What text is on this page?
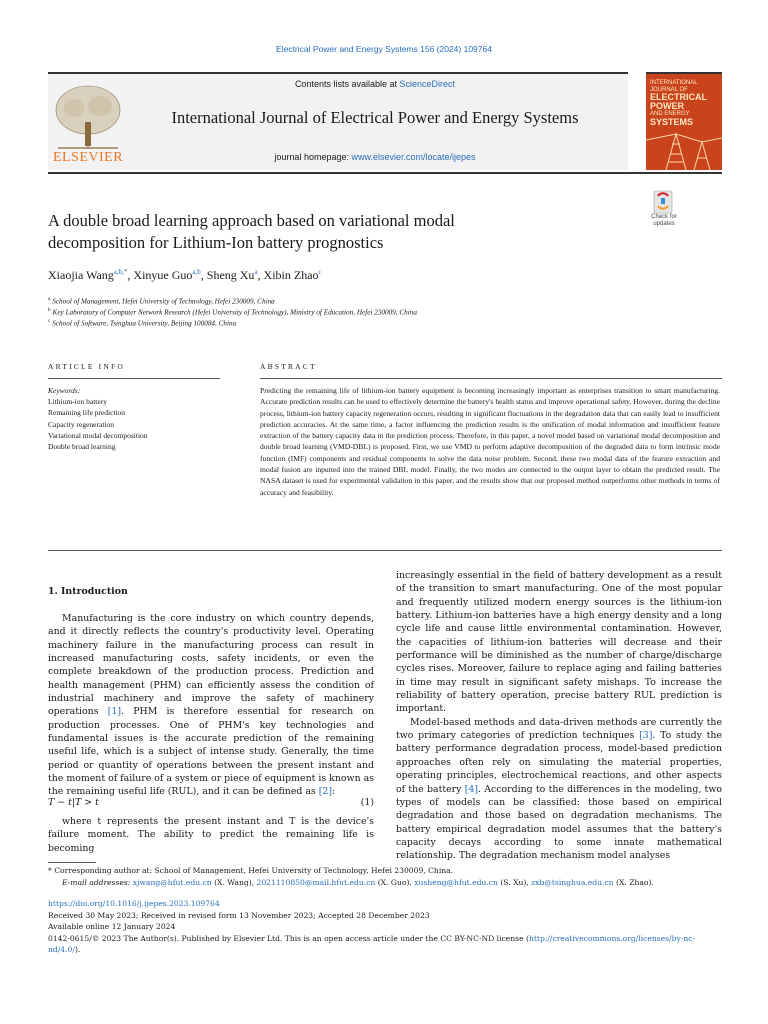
Electrical Power and Energy Systems 156 (2024) 109764
ELSEVIER
Contents lists available at ScienceDirect
International Journal of Electrical Power and Energy Systems
journal homepage: www.elsevier.com/locate/ijepes
INTERNATIONAL JOURNAL OF
ELECTRICAL
POWER
AND ENERGY
SYSTEMS
A double broad learning approach based on variational modal
decomposition for Lithium-Ion battery prognostics
Check for
updates
Xiaojia Wang$^{a,b,*}$, Xinyue Guo$^{a,b}$, Sheng Xu$^a$, Xibin Zhao$^c$
$^a$ School of Management, Hefei University of Technology, Hefei 230009, China
$^b$ Key Laboratory of Computer Network Research (Hefei University of Technology), Ministry of Education, Hefei 230009, China
$^c$ School of Software, Tsinghua University, Beijing 100084, China
ARTICLE INFO	ABSTRACT
Keywords:
Lithium-ion battery
Remaining life prediction
Capacity regeneration
Variational modal decomposition
Double broad learning
Predicting the remaining life of lithium-ion battery equipment is becoming increasingly important as enterprises transition to smart manufacturing. Accurate prediction results can be used to effectively determine the battery's health status and improve operational safety. However, during the decline process, lithium-ion battery capacity regeneration occurs, resulting in significant fluctuations in the degradation data that can easily lead to insufficient prediction accuracies. At the same time, a factor influencing the prediction results is the unification of modal information and insufficient feature extraction of the battery capacity data in the prediction process. Therefore, in this paper, a novel model based on variational modal decomposition and double broad learning (VMD-DBL) is proposed. First, we use VMD to perform adaptive decomposition of the degraded data to form intrinsic mode function (IMF) components and residual components to solve the data noise problem. Second, these two modal data of the feature extraction and modal fusion are inputted into the trained DBL model. Finally, the two modes are connected to the output layer to obtain the predicted result. The NASA dataset is used for experimental validation in this paper, and the results show that our proposed method outperforms other methods in terms of accuracy and feasibility.
1. Introduction

Manufacturing is the core industry on which country depends, and it directly reflects the country's productivity level. Operating machinery failure in the manufacturing process can result in increased manufacturing costs, safety incidents, or even the complete breakdown of the production process. Prediction and health management (PHM) can efficiently assess the condition of industrial machinery and improve the safety of machinery operations [1]. PHM is therefore essential for research on production processes. One of PHM's key technologies and fundamental issues is the accurate prediction of the remaining useful life, which is a subject of intense study. Generally, the time period or quantity of operations between the present instant and the moment of failure of a system or piece of equipment is known as the remaining useful life (RUL), and it can be defined as [2]:

T − t|T > t	(1)

where t represents the present instant and T is the device's failure moment. The ability to predict the remaining life is becoming

increasingly essential in the field of battery development as a result of the transition to smart manufacturing. One of the most popular and frequently utilized modern energy sources is the lithium-ion battery. Lithium-ion batteries have a high energy density and a long cycle life and cause little environmental contamination. However, the capacities of lithium-ion batteries will decrease and their performance will be diminished as the number of charge/discharge cycles rises. Moreover, failure to replace aging and failing batteries in time may result in significant safety mishaps. To increase the reliability of battery operation, precise battery RUL prediction is important.

Model-based methods and data-driven methods are currently the two primary categories of prediction techniques [3]. To study the battery performance degradation process, model-based prediction approaches often rely on simulating the material properties, operating principles, electrochemical reactions, and other aspects of the battery [4]. According to the differences in the modeling, two types of models can be classified: those based on empirical degradation and those based on degradation mechanisms. The battery empirical degradation model assumes that the battery's capacity decays according to some innate mathematical relationship. The degradation mechanism model analyses

* Corresponding author at: School of Management, Hefei University of Technology, Hefei 230009, China.
E-mail addresses: xjwang@hfut.edu.cn (X. Wang), 2021110850@mail.hfut.edu.cn (X. Guo), xusheng@hfut.edu.cn (S. Xu), zxb@tsinghua.edu.cn (X. Zhao).
https://doi.org/10.1016/j.ijepes.2023.109764
Received 30 May 2023; Received in revised form 13 November 2023; Accepted 28 December 2023
Available online 12 January 2024
0142-0615/© 2023 The Author(s). Published by Elsevier Ltd. This is an open access article under the CC BY-NC-ND license (http://creativecommons.org/licenses/by-nc-nd/4.0/).
